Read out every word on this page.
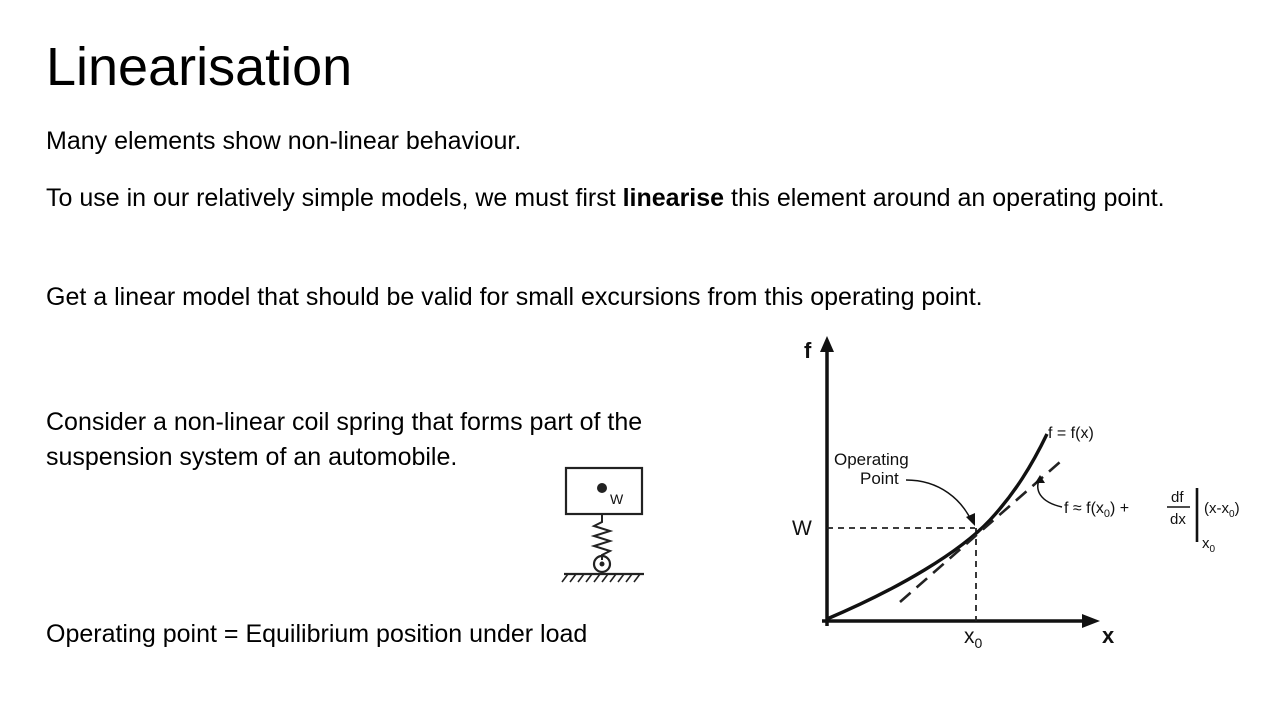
Linearisation

Many elements show non-linear behaviour.

To use in our relatively simple models, we must first linearise this element around an operating point.

Get a linear model that should be valid for small excursions from this operating point.

Consider a non-linear coil spring that forms part of the suspension system of an automobile.

Operating point = Equilibrium position under load

W
f
x
W
$x_0$
f = f(x)
Operating
Point
$f \approx f(x_0)$ +
df
dx
$(x-x_0)$
$x_0$
